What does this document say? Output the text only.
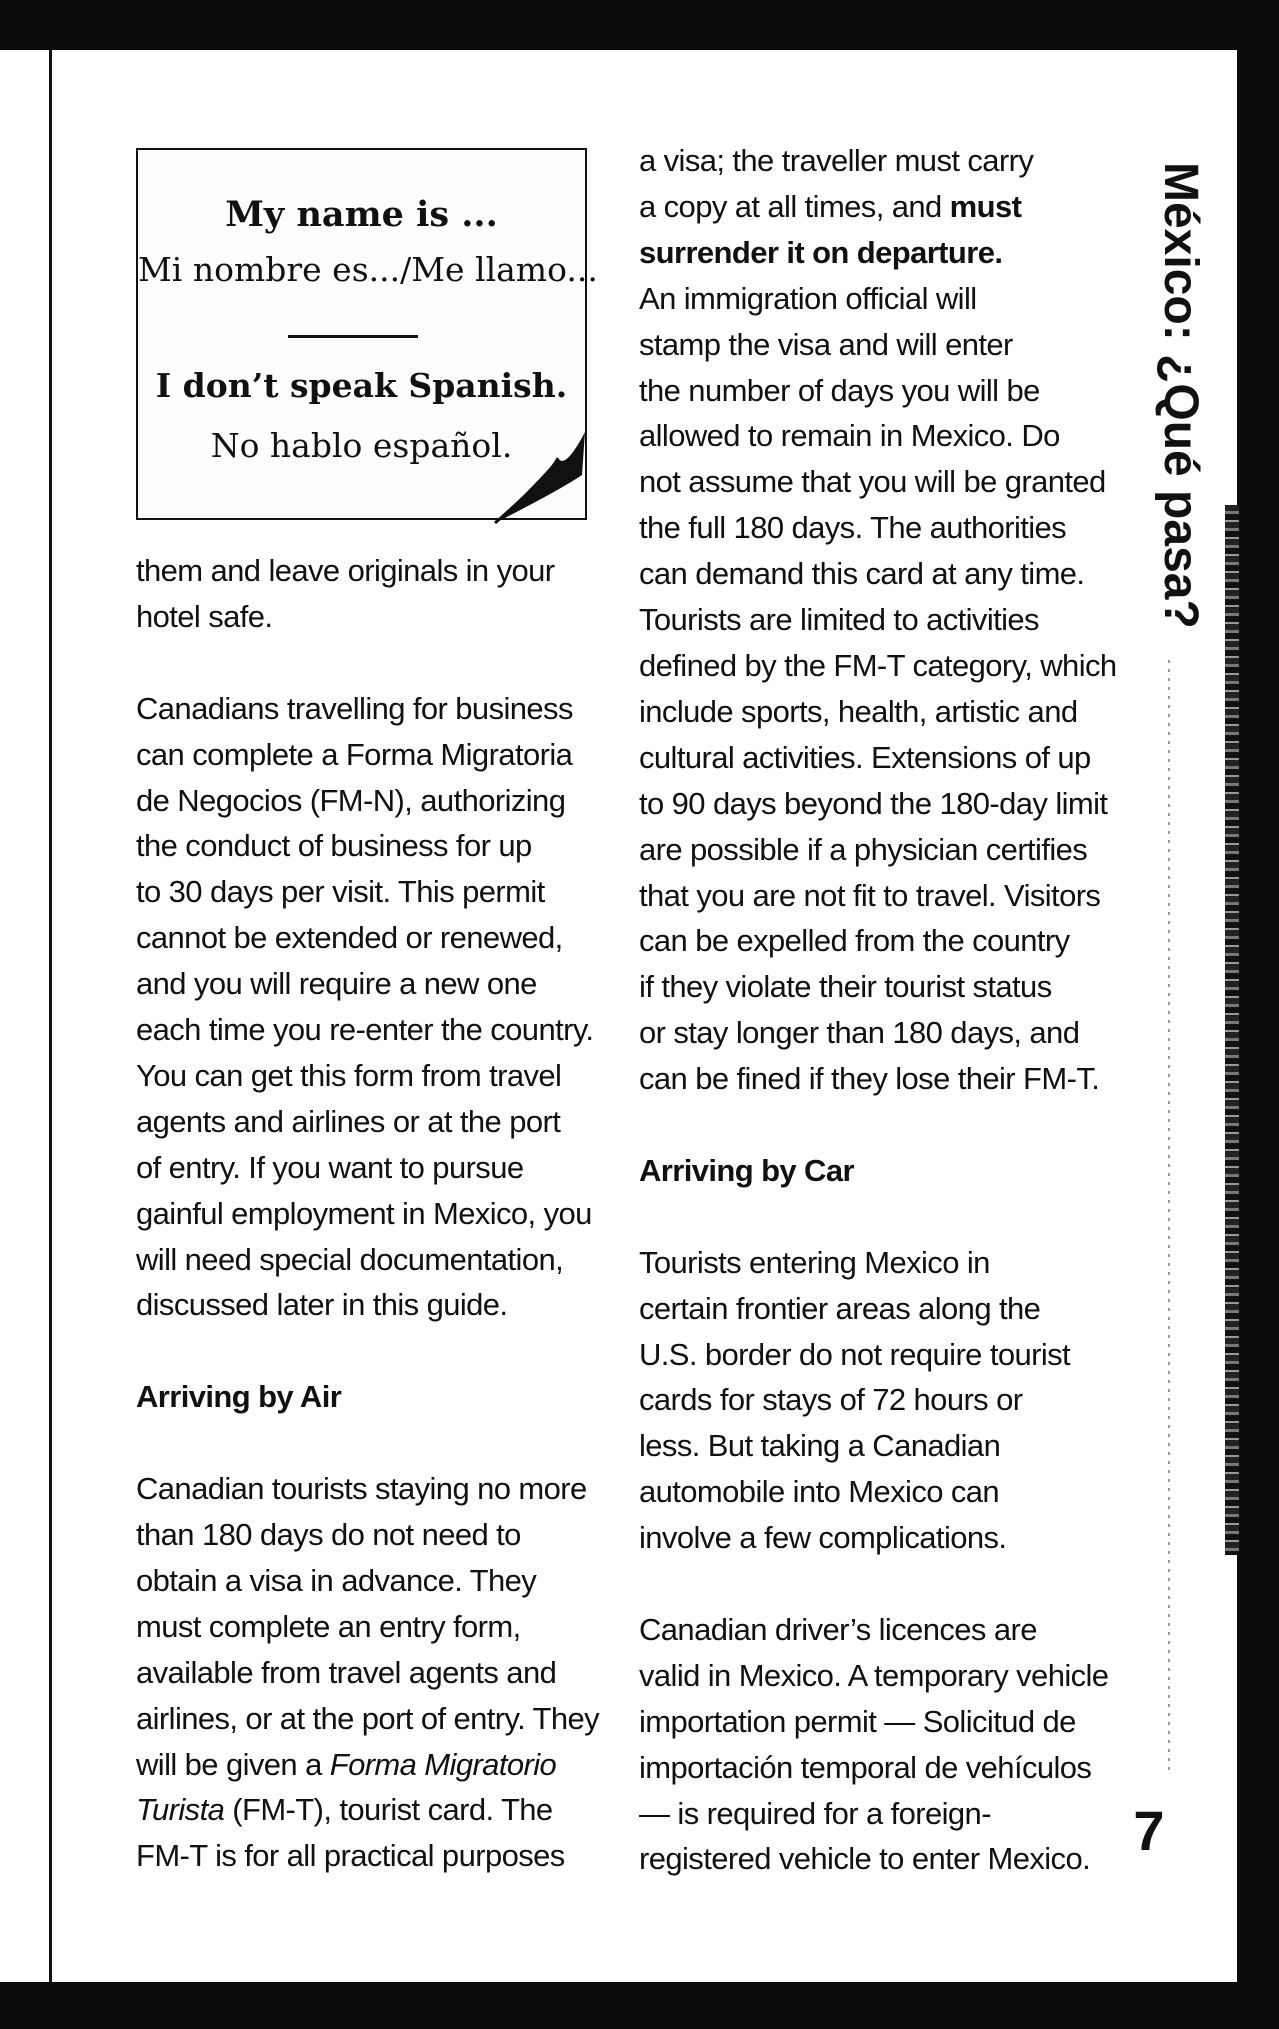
My name is ...
Mi nombre es.../Me llamo...
I don’t speak Spanish.
No hablo español.

them and leave originals in your

hotel safe.

Canadians travelling for business

can complete a Forma Migratoria

de Negocios (FM-N), authorizing

the conduct of business for up

to 30 days per visit. This permit

cannot be extended or renewed,

and you will require a new one

each time you re-enter the country.

You can get this form from travel

agents and airlines or at the port

of entry. If you want to pursue

gainful employment in Mexico, you

will need special documentation,

discussed later in this guide.

Arriving by Air

Canadian tourists staying no more

than 180 days do not need to

obtain a visa in advance. They

must complete an entry form,

available from travel agents and

airlines, or at the port of entry. They

will be given a Forma Migratorio

Turista (FM-T), tourist card. The

FM-T is for all practical purposes

a visa; the traveller must carry

a copy at all times, and must

surrender it on departure.

An immigration official will

stamp the visa and will enter

the number of days you will be

allowed to remain in Mexico. Do

not assume that you will be granted

the full 180 days. The authorities

can demand this card at any time.

Tourists are limited to activities

defined by the FM-T category, which

include sports, health, artistic and

cultural activities. Extensions of up

to 90 days beyond the 180-day limit

are possible if a physician certifies

that you are not fit to travel. Visitors

can be expelled from the country

if they violate their tourist status

or stay longer than 180 days, and

can be fined if they lose their FM-T.

Arriving by Car

Tourists entering Mexico in

certain frontier areas along the

U.S. border do not require tourist

cards for stays of 72 hours or

less. But taking a Canadian

automobile into Mexico can

involve a few complications.

Canadian driver’s licences are

valid in Mexico. A temporary vehicle

importation permit — Solicitud de

importación temporal de vehículos

— is required for a foreign-

registered vehicle to enter Mexico.

México: ¿Qué pasa?
7
